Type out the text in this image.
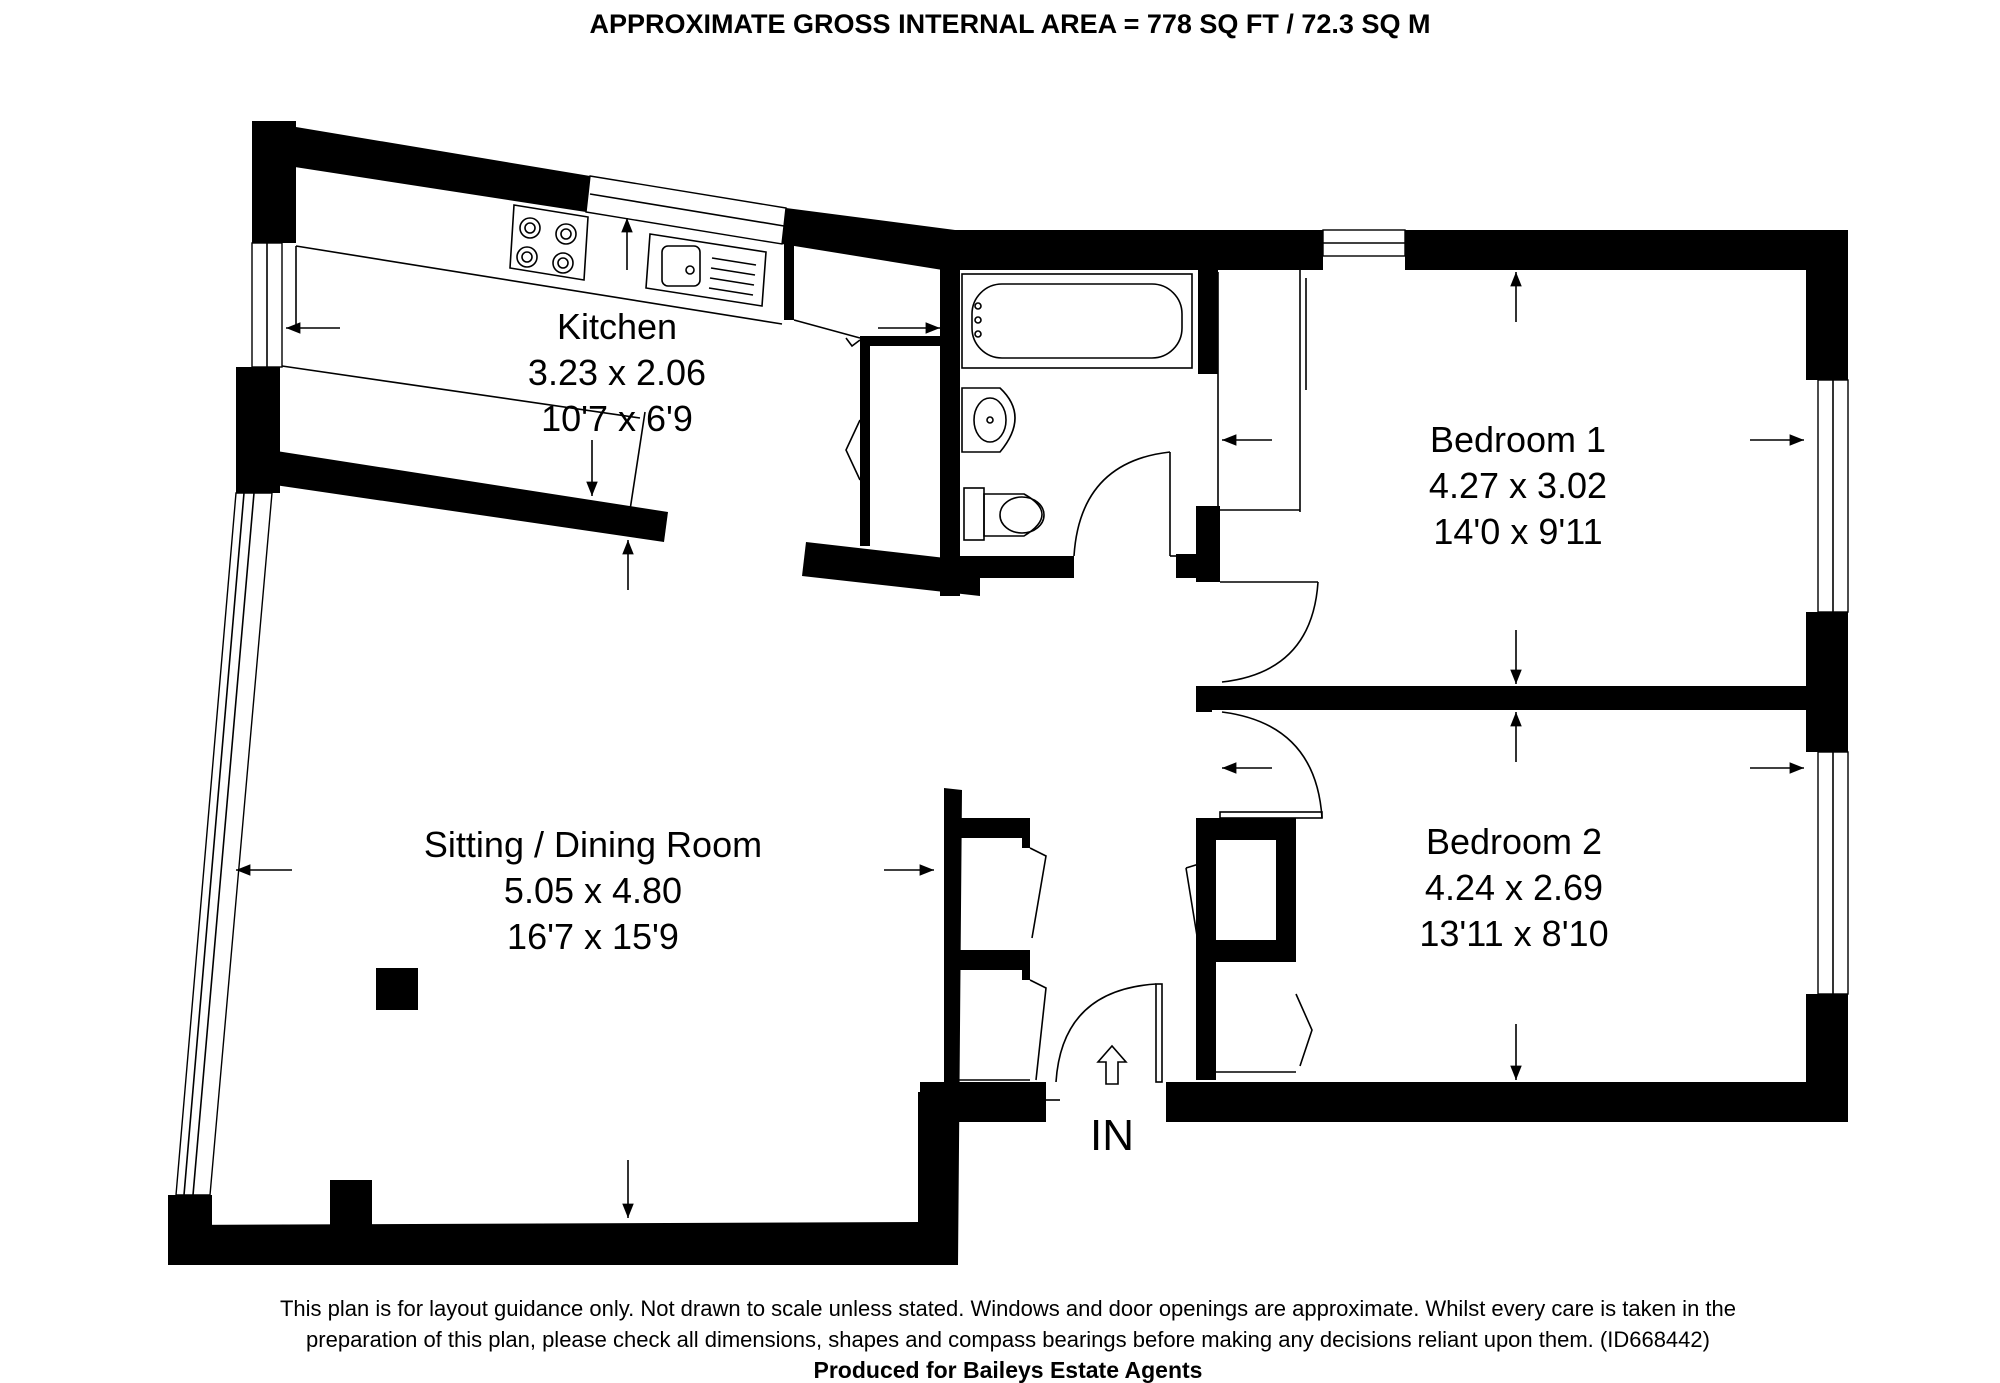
APPROXIMATE GROSS INTERNAL AREA = 778 SQ FT / 72.3 SQ M
IN
Kitchen
3.23 x 2.06
10'7 x 6'9
Sitting / Dining Room
5.05 x 4.80
16'7 x 15'9
Bedroom 1
4.27 x 3.02
14'0 x 9'11
Bedroom 2
4.24 x 2.69
13'11 x 8'10
This plan is for layout guidance only. Not drawn to scale unless stated. Windows and door openings are approximate. Whilst every care is taken in the
preparation of this plan, please check all dimensions, shapes and compass bearings before making any decisions reliant upon them. (ID668442)
Produced for Baileys Estate Agents
